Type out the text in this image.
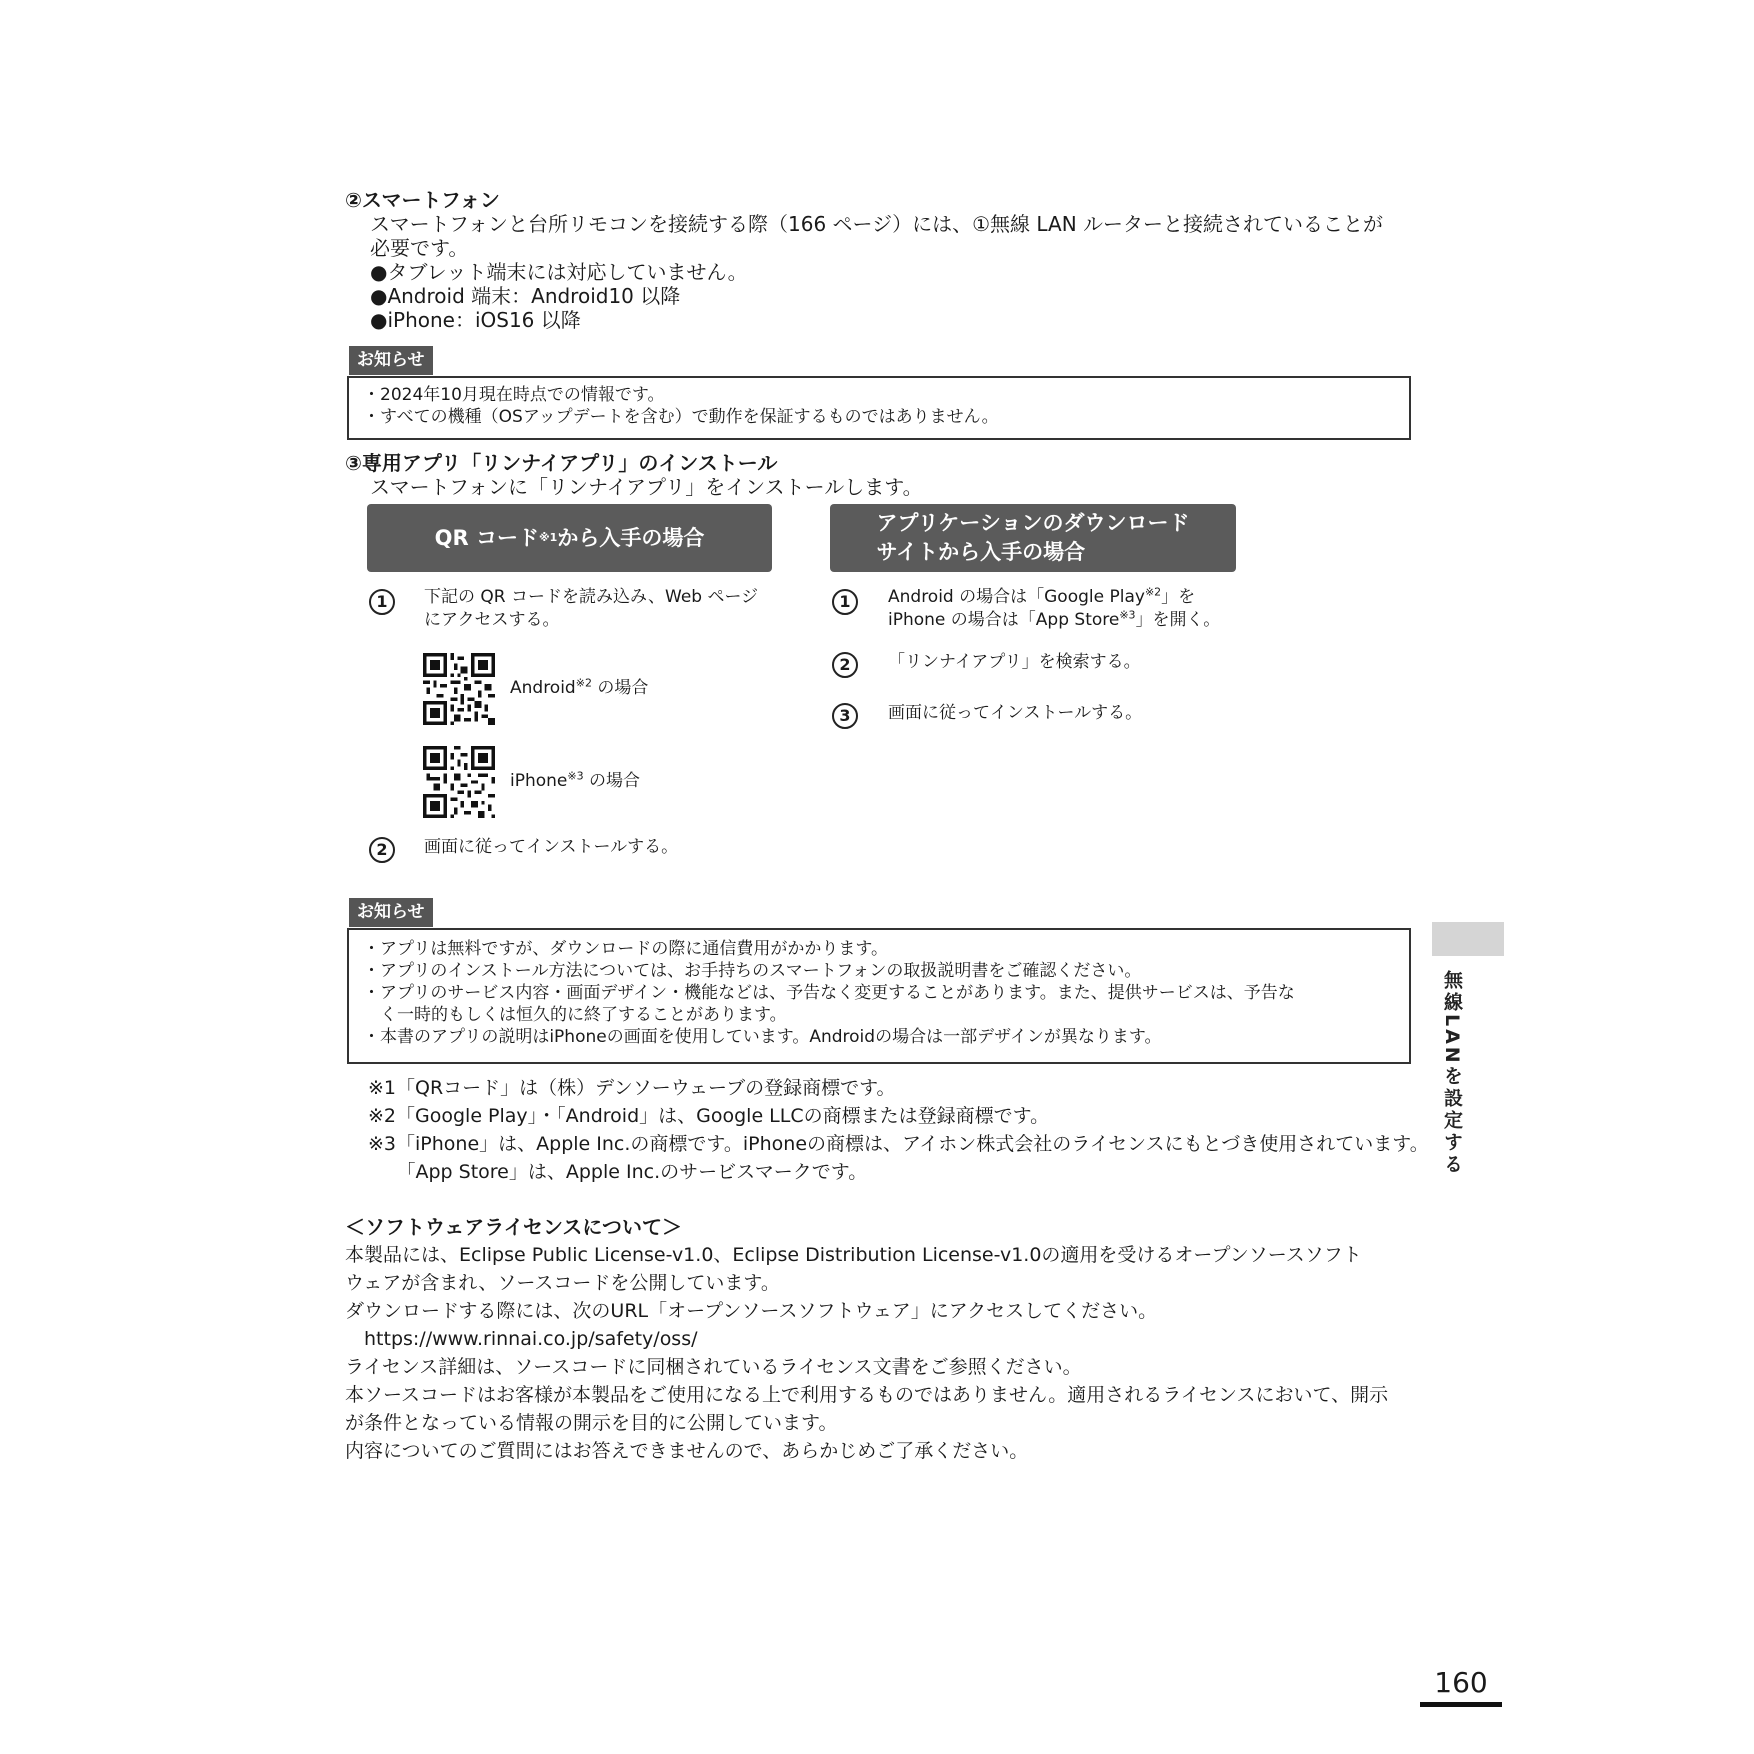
②スマートフォン
スマートフォンと台所リモコンを接続する際（166 ページ）には、①無線 LAN ルーターと接続されていることが
必要です。
●タブレット端末には対応していません。
●Android 端末：Android10 以降
●iPhone：iOS16 以降
お知らせ
・2024年10月現在時点での情報です。
・すべての機種（OSアップデートを含む）で動作を保証するものではありません。
③専用アプリ「リンナイアプリ」のインストール
スマートフォンに「リンナイアプリ」をインストールします。
QR コード ※1 から入手の場合
1	下記の QR コードを読み込み、Web ページ
にアクセスする。
Android$^{※2}$ の場合
iPhone$^{※3}$ の場合
2	画面に従ってインストールする。
アプリケーションのダウンロード
サイトから入手の場合
1	Android の場合は「Google Play$^{※2}$」を
iPhone の場合は「App Store$^{※3}$」を開く。
2	「リンナイアプリ」を検索する。
3	画面に従ってインストールする。
お知らせ
・アプリは無料ですが、ダウンロードの際に通信費用がかかります。
・アプリのインストール方法については、お手持ちのスマートフォンの取扱説明書をご確認ください。
・アプリのサービス内容・画面デザイン・機能などは、予告なく変更することがあります。また、提供サービスは、予告な
　く一時的もしくは恒久的に終了することがあります。
・本書のアプリの説明はiPhoneの画面を使用しています。Androidの場合は一部デザインが異なります。
※1「QRコード」は（株）デンソーウェーブの登録商標です。
※2「Google Play」・「Android」は、Google LLCの商標または登録商標です。
※3「iPhone」は、Apple Inc.の商標です。iPhoneの商標は、アイホン株式会社のライセンスにもとづき使用されています。
　　「App Store」は、Apple Inc.のサービスマークです。
＜ソフトウェアライセンスについて＞
本製品には、Eclipse Public License-v1.0、Eclipse Distribution License-v1.0の適用を受けるオープンソースソフト
ウェアが含まれ、ソースコードを公開しています。
ダウンロードする際には、次のURL「オープンソースソフトウェア」にアクセスしてください。
　https://www.rinnai.co.jp/safety/oss/
ライセンス詳細は、ソースコードに同梱されているライセンス文書をご参照ください。
本ソースコードはお客様が本製品をご使用になる上で利用するものではありません。適用されるライセンスにおいて、開示
が条件となっている情報の開示を目的に公開しています。
内容についてのご質問にはお答えできませんので、あらかじめご了承ください。
無線LANを設定する
160
